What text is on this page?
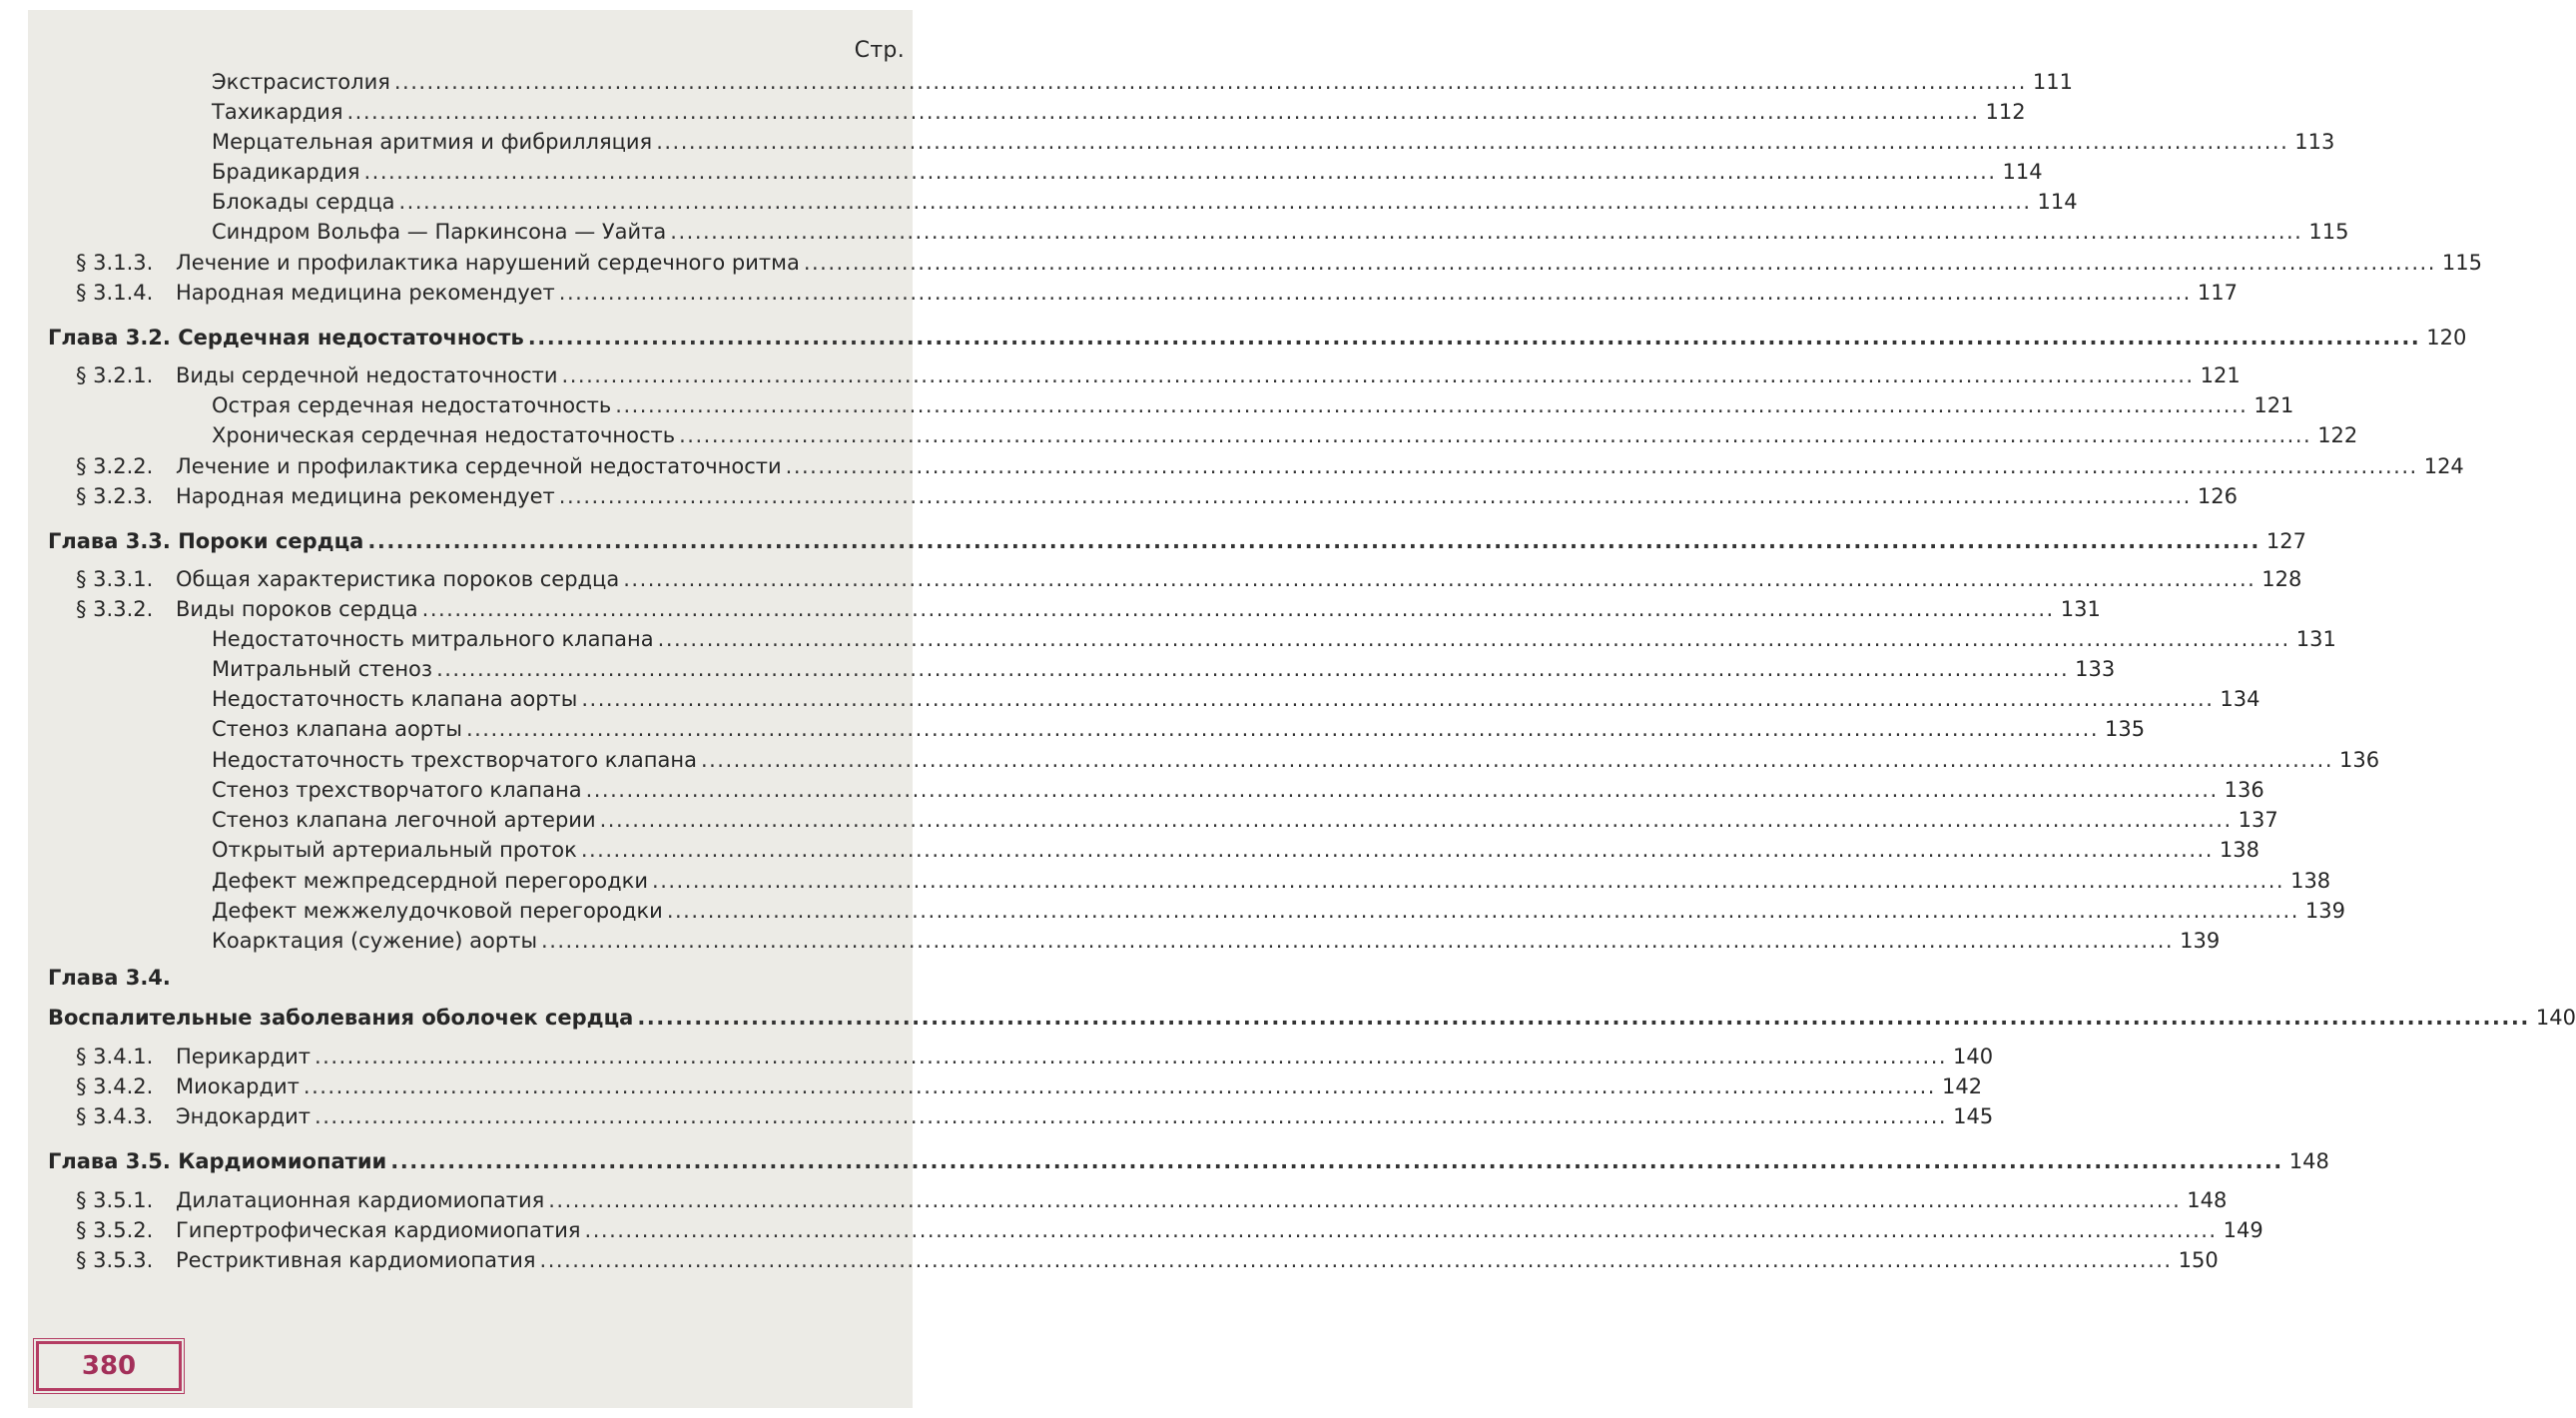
Стр.
Экстрасистолия ........................................................................................................................................................................................................ 111
Тахикардия ........................................................................................................................................................................................................ 112
Мерцательная аритмия и фибрилляция ........................................................................................................................................................................................................ 113
Брадикардия ........................................................................................................................................................................................................ 114
Блокады сердца ........................................................................................................................................................................................................ 114
Синдром Вольфа — Паркинсона — Уайта ........................................................................................................................................................................................................ 115
§ 3.1.3.	Лечение и профилактика нарушений сердечного ритма ........................................................................................................................................................................................................ 115
§ 3.1.4.	Народная медицина рекомендует ........................................................................................................................................................................................................ 117
Глава 3.2. Сердечная недостаточность ........................................................................................................................................................................................................ 120
§ 3.2.1.	Виды сердечной недостаточности ........................................................................................................................................................................................................ 121
Острая сердечная недостаточность ........................................................................................................................................................................................................ 121
Хроническая сердечная недостаточность ........................................................................................................................................................................................................ 122
§ 3.2.2.	Лечение и профилактика сердечной недостаточности ........................................................................................................................................................................................................ 124
§ 3.2.3.	Народная медицина рекомендует ........................................................................................................................................................................................................ 126
Глава 3.3. Пороки сердца ........................................................................................................................................................................................................ 127
§ 3.3.1.	Общая характеристика пороков сердца ........................................................................................................................................................................................................ 128
§ 3.3.2.	Виды пороков сердца ........................................................................................................................................................................................................ 131
Недостаточность митрального клапана ........................................................................................................................................................................................................ 131
Митральный стеноз ........................................................................................................................................................................................................ 133
Недостаточность клапана аорты ........................................................................................................................................................................................................ 134
Стеноз клапана аорты ........................................................................................................................................................................................................ 135
Недостаточность трехстворчатого клапана ........................................................................................................................................................................................................ 136
Стеноз трехстворчатого клапана ........................................................................................................................................................................................................ 136
Стеноз клапана легочной артерии ........................................................................................................................................................................................................ 137
Открытый артериальный проток ........................................................................................................................................................................................................ 138
Дефект межпредсердной перегородки ........................................................................................................................................................................................................ 138
Дефект межжелудочковой перегородки ........................................................................................................................................................................................................ 139
Коарктация (сужение) аорты ........................................................................................................................................................................................................ 139
Глава 3.4.
Воспалительные заболевания оболочек сердца ........................................................................................................................................................................................................ 140
§ 3.4.1.	Перикардит ........................................................................................................................................................................................................ 140
§ 3.4.2.	Миокардит ........................................................................................................................................................................................................ 142
§ 3.4.3.	Эндокардит ........................................................................................................................................................................................................ 145
Глава 3.5. Кардиомиопатии ........................................................................................................................................................................................................ 148
§ 3.5.1.	Дилатационная кардиомиопатия ........................................................................................................................................................................................................ 148
§ 3.5.2.	Гипертрофическая кардиомиопатия ........................................................................................................................................................................................................ 149
§ 3.5.3.	Рестриктивная кардиомиопатия ........................................................................................................................................................................................................ 150
380
